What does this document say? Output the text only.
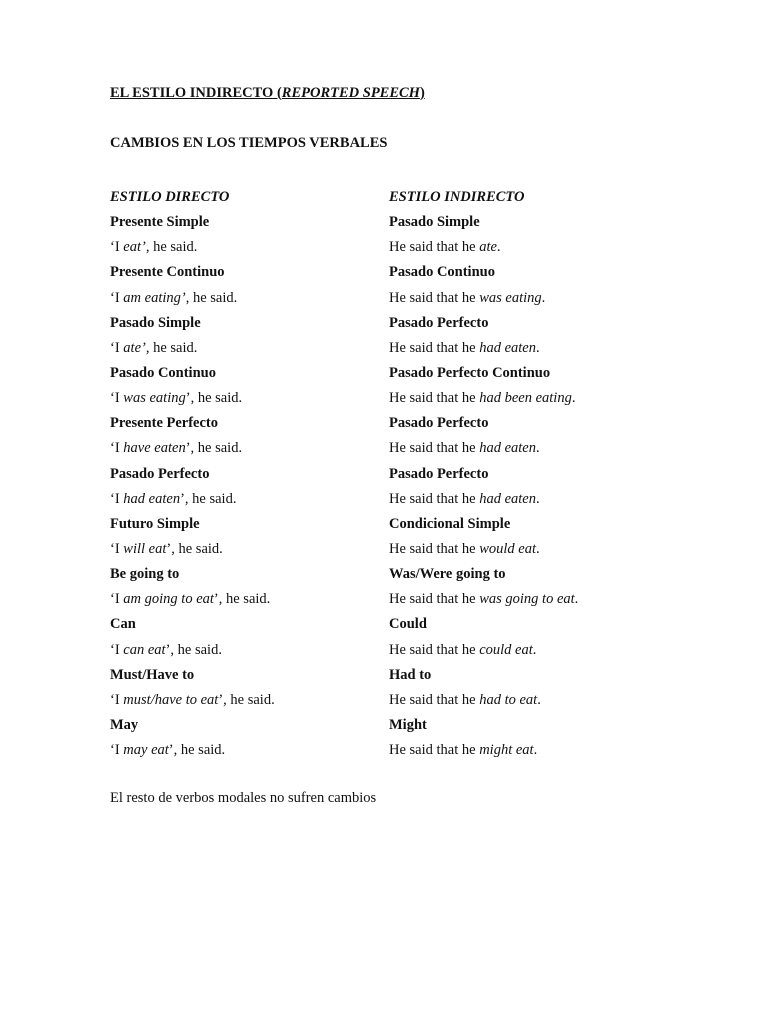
EL ESTILO INDIRECTO (REPORTED SPEECH)
CAMBIOS EN LOS TIEMPOS VERBALES
ESTILO DIRECTO
Presente Simple
‘I eat’, he said.
Presente Continuo
‘I am eating’, he said.
Pasado Simple
‘I ate’, he said.
Pasado Continuo
‘I was eating’, he said.
Presente Perfecto
‘I have eaten’, he said.
Pasado Perfecto
‘I had eaten’, he said.
Futuro Simple
‘I will eat’, he said.
Be going to
‘I am going to eat’, he said.
Can
‘I can eat’, he said.
Must/Have to
‘I must/have to eat’, he said.
May
‘I may eat’, he said.
ESTILO INDIRECTO
Pasado Simple
He said that he ate.
Pasado Continuo
He said that he was eating.
Pasado Perfecto
He said that he had eaten.
Pasado Perfecto Continuo
He said that he had been eating.
Pasado Perfecto
He said that he had eaten.
Pasado Perfecto
He said that he had eaten.
Condicional Simple
He said that he would eat.
Was/Were going to
He said that he was going to eat.
Could
He said that he could eat.
Had to
He said that he had to eat.
Might
He said that he might eat.
El resto de verbos modales no sufren cambios
